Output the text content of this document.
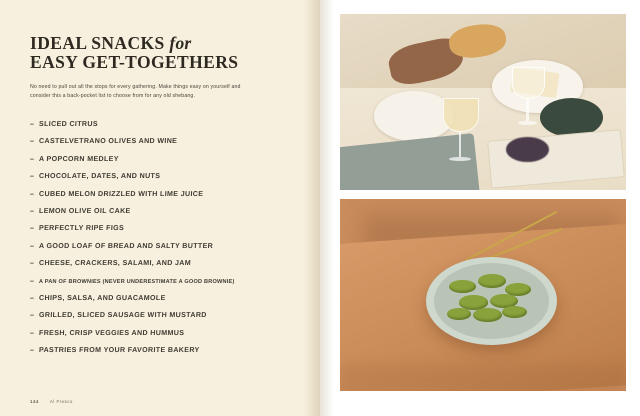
IDEAL SNACKS for
EASY GET-TOGETHERS

No need to pull out all the stops for every gathering. Make things easy on yourself and consider this a back-pocket list to choose from for any old shebang.

– SLICED CITRUS
– CASTELVETRANO OLIVES AND WINE
– A POPCORN MEDLEY
– CHOCOLATE, DATES, AND NUTS
– CUBED MELON DRIZZLED WITH LIME JUICE
– LEMON OLIVE OIL CAKE
– PERFECTLY RIPE FIGS
– A GOOD LOAF OF BREAD AND SALTY BUTTER
– CHEESE, CRACKERS, SALAMI, AND JAM
– A PAN OF BROWNIES (NEVER UNDERESTIMATE A GOOD BROWNIE)
– CHIPS, SALSA, AND GUACAMOLE
– GRILLED, SLICED SAUSAGE WITH MUSTARD
– FRESH, CRISP VEGGIES AND HUMMUS
– PASTRIES FROM YOUR FAVORITE BAKERY
144	Al Fresco
